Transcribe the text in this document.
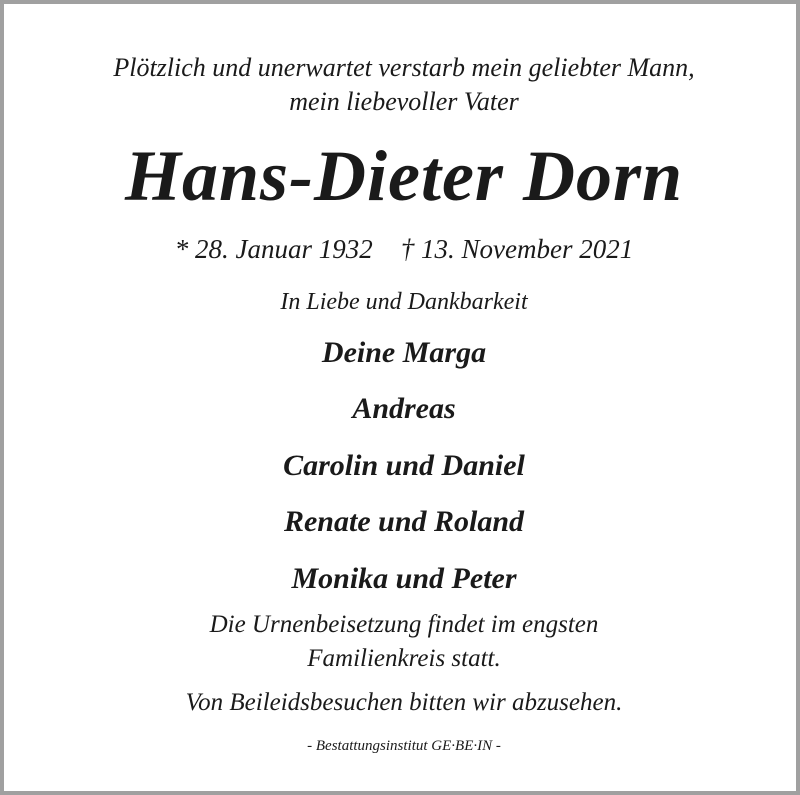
Plötzlich und unerwartet verstarb mein geliebter Mann,
mein liebevoller Vater
Hans-Dieter Dorn
* 28. Januar 1932 † 13. November 2021
In Liebe und Dankbarkeit
Deine Marga
Andreas
Carolin und Daniel
Renate und Roland
Monika und Peter
Die Urnenbeisetzung findet im engsten
Familienkreis statt.
Von Beileidsbesuchen bitten wir abzusehen.
- Bestattungsinstitut GE·BE·IN -
